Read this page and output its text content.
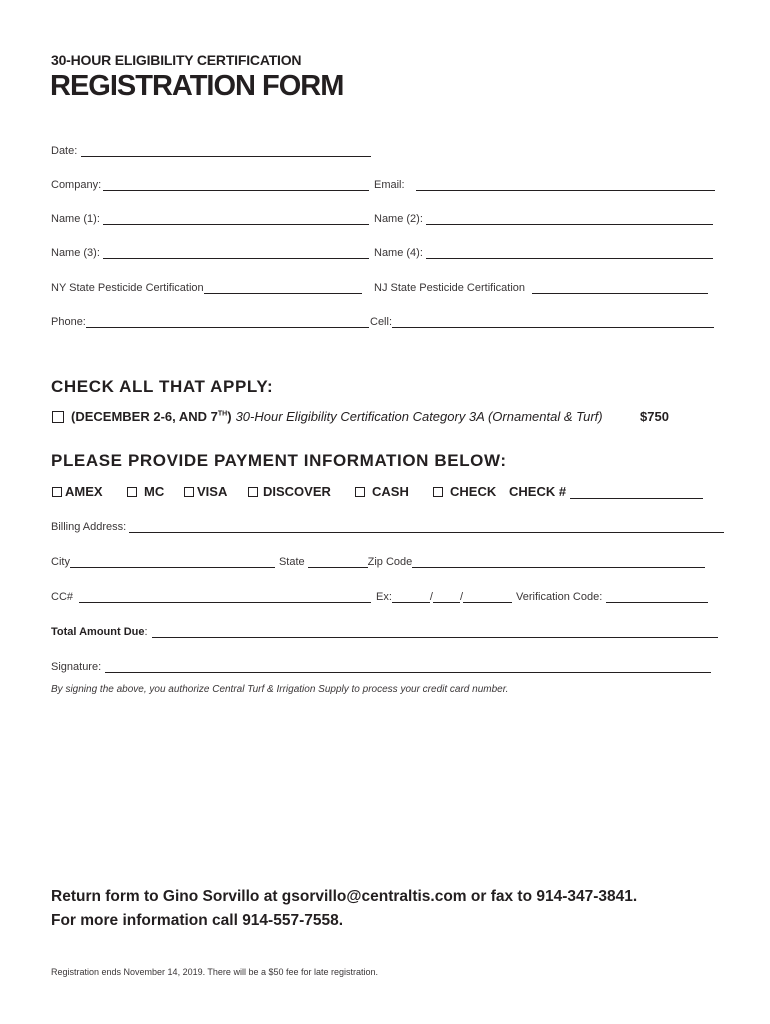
30-HOUR ELIGIBILITY CERTIFICATION
REGISTRATION FORM
Date:
Company:	Email:
Name (1):	Name (2):
Name (3):	Name (4):
NY State Pesticide Certification	NJ State Pesticide Certification
Phone:	Cell:
CHECK ALL THAT APPLY:
(DECEMBER 2-6, AND 7TH) 30-Hour Eligibility Certification Category 3A (Ornamental & Turf)	$750
PLEASE PROVIDE PAYMENT INFORMATION BELOW:
AMEX	MC	VISA	DISCOVER	CASH	CHECK CHECK #
Billing Address:
City	State	Zip Code
CC#	Ex:	/ /	Verification Code:
Total Amount Due :
Signature:
By signing the above, you authorize Central Turf & Irrigation Supply to process your credit card number.
Return form to Gino Sorvillo at gsorvillo@centraltis.com or fax to 914-347-3841.
For more information call 914-557-7558.
Registration ends November 14, 2019. There will be a $50 fee for late registration.
